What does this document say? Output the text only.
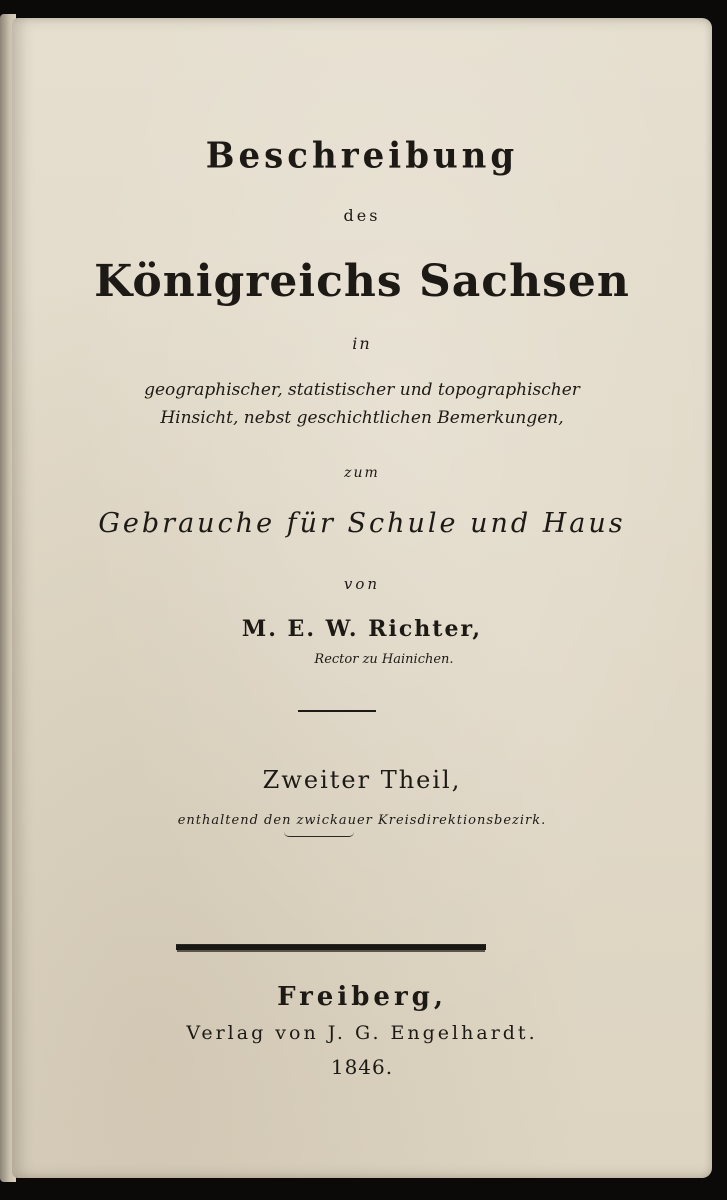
Beschreibung
des
Königreichs Sachsen
in
geographischer, statistischer und topographischer
Hinsicht, nebst geschichtlichen Bemerkungen,
zum
Gebrauche für Schule und Haus
von
M. E. W. Richter,
Rector zu Hainichen.
Zweiter Theil,
enthaltend den zwickauer Kreisdirektionsbezirk.
Freiberg,
Verlag von J. G. Engelhardt.
1846.
